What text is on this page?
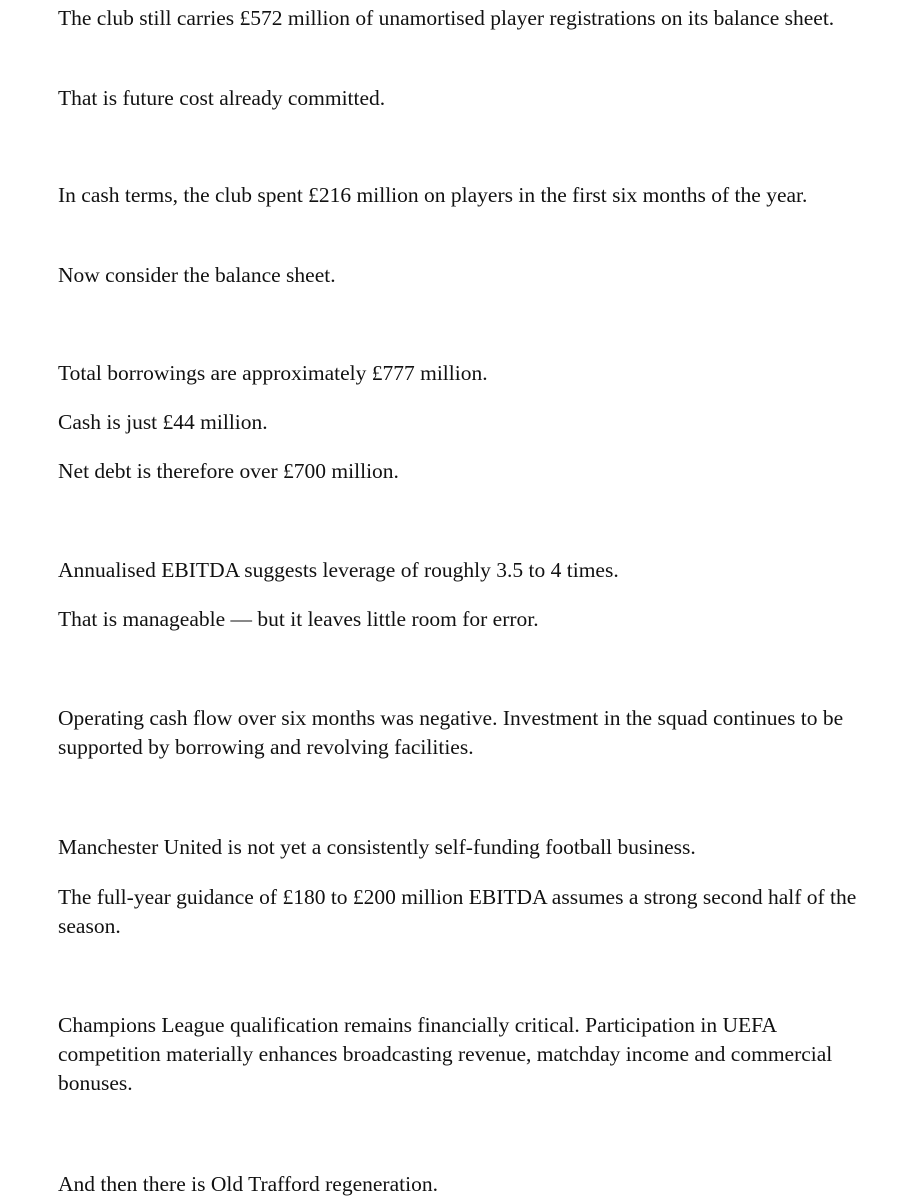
The club still carries £572 million of unamortised player registrations on its balance sheet.

That is future cost already committed.

In cash terms, the club spent £216 million on players in the first six months of the year.

Now consider the balance sheet.

Total borrowings are approximately £777 million.

Cash is just £44 million.

Net debt is therefore over £700 million.

Annualised EBITDA suggests leverage of roughly 3.5 to 4 times.

That is manageable — but it leaves little room for error.

Operating cash flow over six months was negative. Investment in the squad continues to be supported by borrowing and revolving facilities.

Manchester United is not yet a consistently self-funding football business.

The full-year guidance of £180 to £200 million EBITDA assumes a strong second half of the season.

Champions League qualification remains financially critical. Participation in UEFA competition materially enhances broadcasting revenue, matchday income and commercial bonuses.

And then there is Old Trafford regeneration.
